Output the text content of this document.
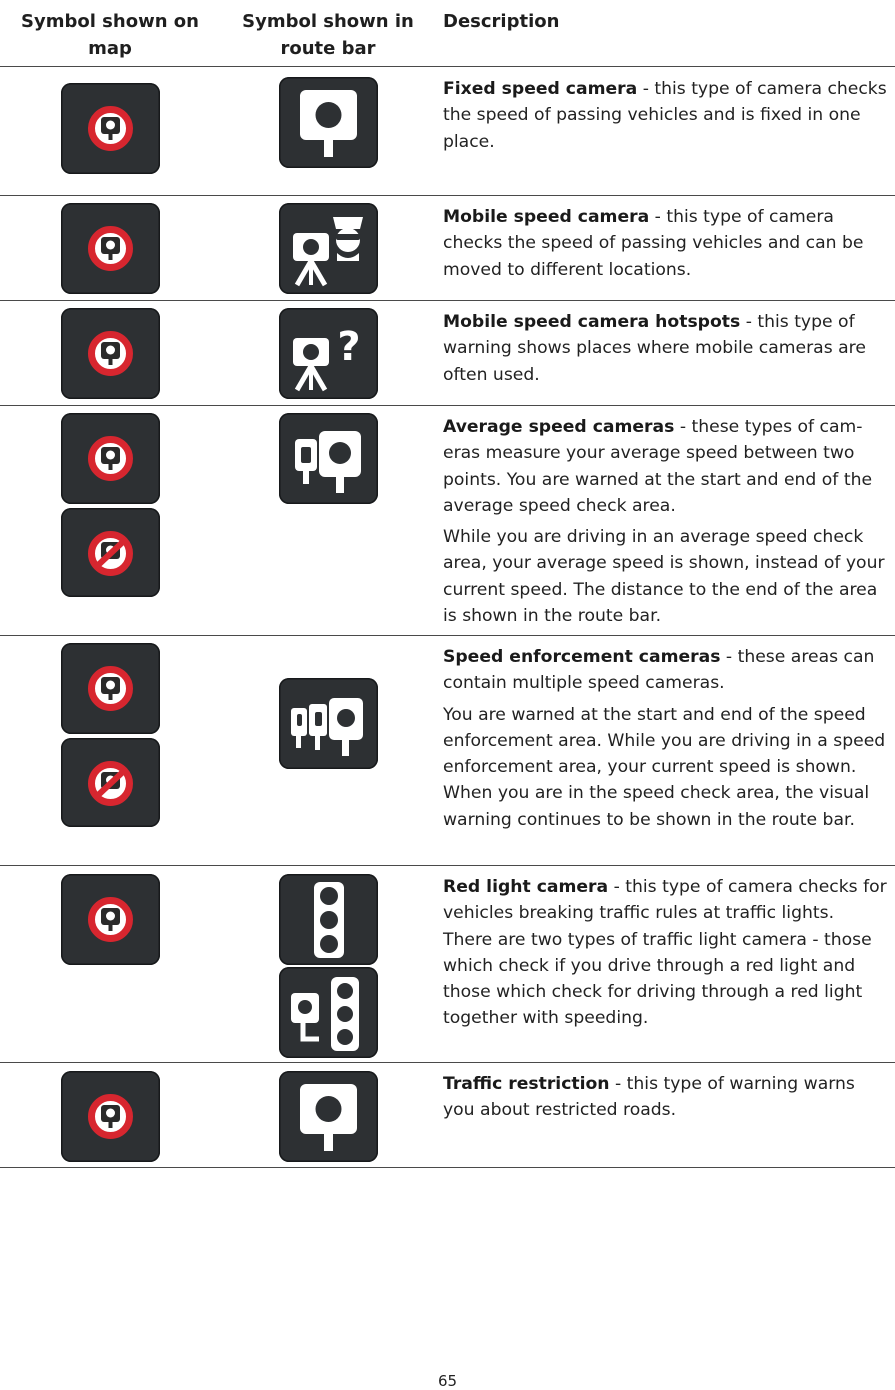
Symbol shown on map
Symbol shown in route bar
Description

Fixed speed camera - this type of camera checks the speed of passing vehicles and is fixed in one place.

Mobile speed camera - this type of camera checks the speed of passing vehicles and can be moved to different locations.

?

Mobile speed camera hotspots - this type of warning shows places where mobile cameras are often used.

Average speed cameras - these types of cam-eras measure your average speed between two points. You are warned at the start and end of the average speed check area.

While you are driving in an average speed check area, your average speed is shown, instead of your current speed. The distance to the end of the area is shown in the route bar.

Speed enforcement cameras - these areas can contain multiple speed cameras.

You are warned at the start and end of the speed enforcement area. While you are driving in a speed enforcement area, your current speed is shown. When you are in the speed check area, the visual warning continues to be shown in the route bar.

Red light camera - this type of camera checks for vehicles breaking traffic rules at traffic lights. There are two types of traffic light camera - those which check if you drive through a red light and those which check for driving through a red light together with speeding.

Traffic restriction - this type of warning warns you about restricted roads.

65
